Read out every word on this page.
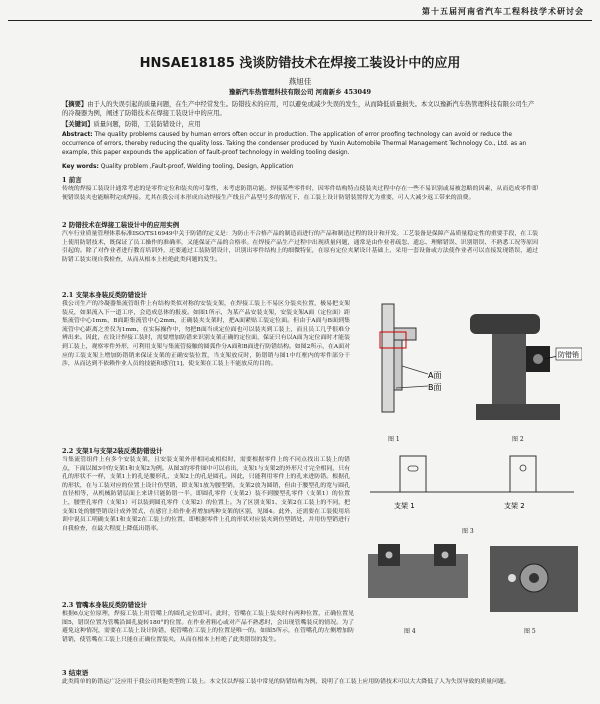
第十五届河南省汽车工程科技学术研讨会
HNSAE18185 浅谈防错技术在焊接工装设计中的应用
燕旭佳
豫新汽车热管理科技有限公司 河南新乡 453049
【摘要】由于人的失误引起的质量问题，在生产中经常发生。防错技术的应用，可以避免或减少失误的发生，从而降低质量损失。本文以豫新汽车热管理科技有限公司生产的冷凝器为例，阐述了防错技术在焊接工装设计中的应用。
【关键词】质量问题，防错，工装防错设计，应用
Abstract: The quality problems caused by human errors often occur in production. The application of error proofing technology can avoid or reduce the occurrence of errors, thereby reducing the quality loss. Taking the condenser produced by Yuxin Automobile Thermal Management Technology Co., Ltd. as an example, this paper expounds the application of fault-proof technology in welding tooling design.
Key words: Quality problem ,Fault-proof, Welding tooling, Design, Application
1 前言
传统的焊接工装设计通常考虑的是零件定位和装夹的可靠性，未考虑防错功能。焊接某些零件时，因零件结构特点使装夹过程中存在一些不易识别或易被忽略的因素，从而造成零件即便错误装夹也能顺利完成焊接。尤其在我公司本形成自动焊接生产线且产品型号多的情况下，在工装上设计防错装置得尤为重要，可人大减少返工带来的浪费。
2 防错技术在焊接工装设计中的应用实例
汽车行业质量管理体系标准ISO/TS16949中关于防错的定义是：为防止不合格产品的制造而进行的产品和制造过程的设计和开发。工艺装备是保障产品质量稳定性的重要手段，在工装上使用防错技术，既保证了员工操作的准确率，又能保证产品的合格率。在焊接产品生产过程中出现质量问题，通常是由作业者疏忽、遗忘、理解错误、识别错误、不熟悉工况等原因引起的。除了对作业者进行教育培训外，还要通过工装防错设计，识别出零件结构上的细微特征，在原有定位夹紧设计基础上，采用一套设备或方法使作业者可以直接发现错误，通过防错工装实现自我检查，从而从根本上杜绝此类问题的发生。
2.1 支架本身装反类防错设计
我公司生产的冷凝器集流管组件上有结构类似对称的安装支架，在焊接工装上不易区分装夹位置，极易把支架装反，如果流入下一道工序，会造成总体的报废。如图1所示，为某产品安装支架，安装支架A面（定位面）距集流管中心1mm，B面距集流管中心2mm，正确装夹支架时，把A面紧贴工装定位面。但由于A面与B面到集流管中心距离之差仅为1mm，在实际操作中，勿把B面当成定位面也可以装夹到工装上，而且员工几乎很难分辨出来。因此，在设计焊接工装时，需要增加防错来识别支架正确的定位面，保证只有以A面为定位面时才能装到工装上，观察零件外形，可利用支架与集流管接触的圆弧作分A面和B面进行防错结构。如图2所示，在A面对应的工装支架上增加防错销来保证支架的正确安装位置，当支架放反时，防错销与图1中红框内的零件部分干涉，从而达到不依赖作业人员的技能和感官[1]，使支架在工装上不能放反的目的。
A面
B面
图 1
防错销
图 2
2.2 支架1与支架2装反类防错设计
当集流管组件上有多个安装支架，且安装支架外形相同或相似时，需要根据零件上的不同点找出工装上的错点，下面以图3中的支架1和支架2为例。从图3的零件图中可以看出，支架1与支架2的外形尺寸完全相同，只有孔的形状不一样，支架1上的孔是腰形孔，支架2上的孔是圆孔。因此，只能利用零件上的孔来进防错。根据孔的形状，在与工装对应的位置上设计仿型销，即支架1放为腰型销，支架2放为圆销，但由于腰型孔的宽与圆孔直径相等，从机械防错层面上来讲只能防错一半，即圆孔零件（支架2）装不到腰型孔零件（支架1）的位置上，腰型孔零件（支架1）可以装到圆孔零件（支架2）的位置上。为了区别支架1、支架2在工装上的不同，把支架1处的腰型销设计成外置式，在感官上给作业者增加两种支架的区别，见图4。此外，还需要在工装使用培训中说员工明确支架1和支架2在工装上的位置，即根据零件上孔的形状对应装夹到仿型销处，并用仿型销进行自我检查，在最大程度上降低出错率。
支架 1	支架 2
图 3
图 4	图 5
2.3 管嘴本身装反类防错设计
根据6点定位原理，焊接工装上用管嘴上的圆孔定位即可。此时，管嘴在工装上装夹时有两种位置，正确位置见图5，错误位置为管嘴沿圆孔旋转180°的位置。在作业者粗心或对产品不熟悉时，会出现管嘴装反的情况。为了避免这种情况，需要在工装上设计防错，使管嘴在工装上的位置是唯一的。如图5所示，在管嘴孔的左侧增加防错销，使管嘴在工装上只能在正确位置装夹，从而在根本上杜绝了此类错误的发生。
3 结束语
此类简单的防错运广泛应用于我公司其他类型的工装上。本文仅以焊接工装中常见的防错结构为例，说明了在工装上应用防错技术可以大大降低了人为失误导致的质量问题。
